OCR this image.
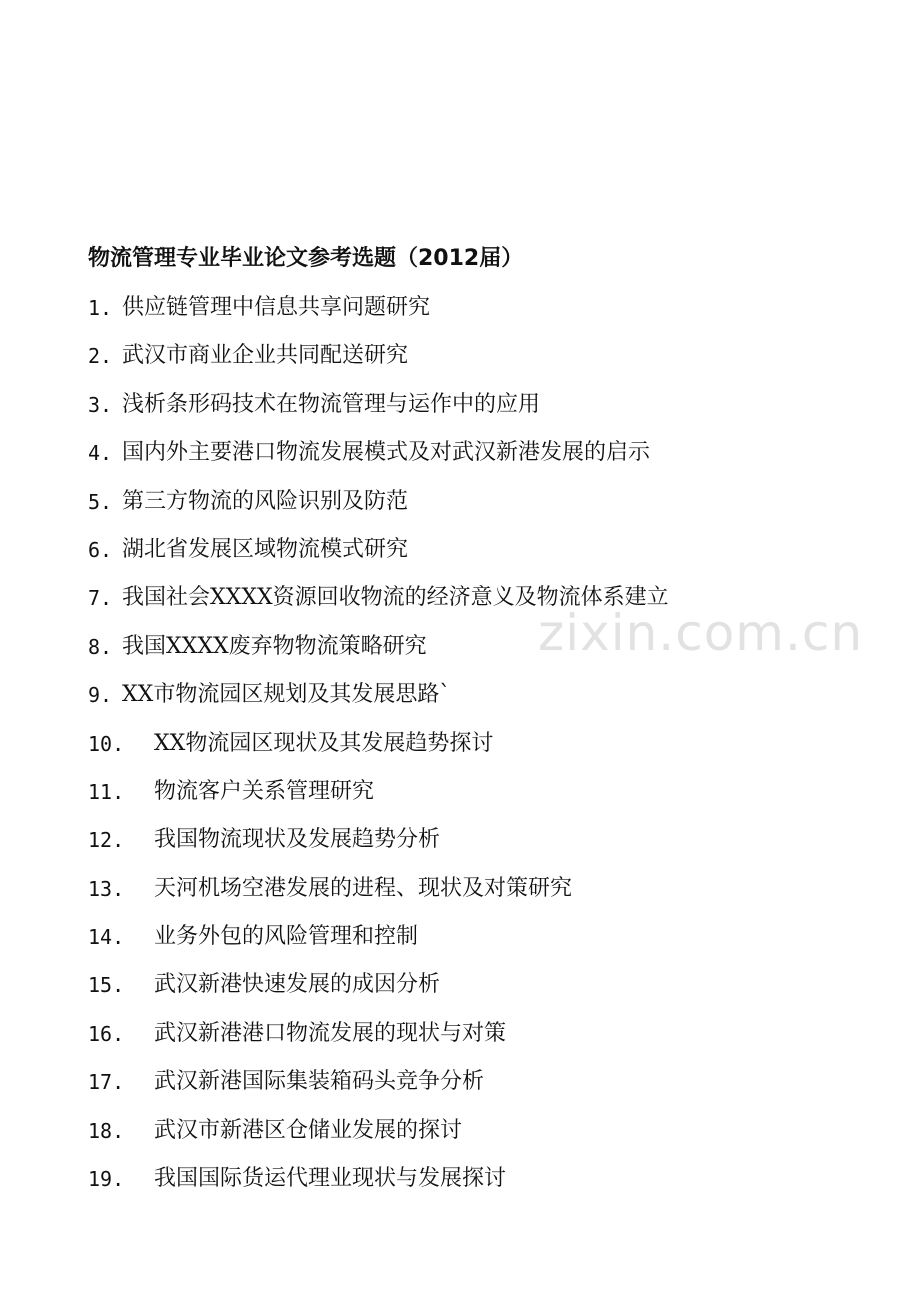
物流管理专业毕业论文参考选题（2012届）
1. 供应链管理中信息共享问题研究
2. 武汉市商业企业共同配送研究
3. 浅析条形码技术在物流管理与运作中的应用
4. 国内外主要港口物流发展模式及对武汉新港发展的启示
5. 第三方物流的风险识别及防范
6. 湖北省发展区域物流模式研究
7. 我国社会XXXX资源回收物流的经济意义及物流体系建立
8. 我国XXXX废弃物物流策略研究
9. XX市物流园区规划及其发展思路`
10.	XX物流园区现状及其发展趋势探讨
11.	物流客户关系管理研究
12.	我国物流现状及发展趋势分析
13.	天河机场空港发展的进程、现状及对策研究
14.	业务外包的风险管理和控制
15.	武汉新港快速发展的成因分析
16.	武汉新港港口物流发展的现状与对策
17.	武汉新港国际集装箱码头竞争分析
18.	武汉市新港区仓储业发展的探讨
19.	我国国际货运代理业现状与发展探讨
zixin.com.cn
